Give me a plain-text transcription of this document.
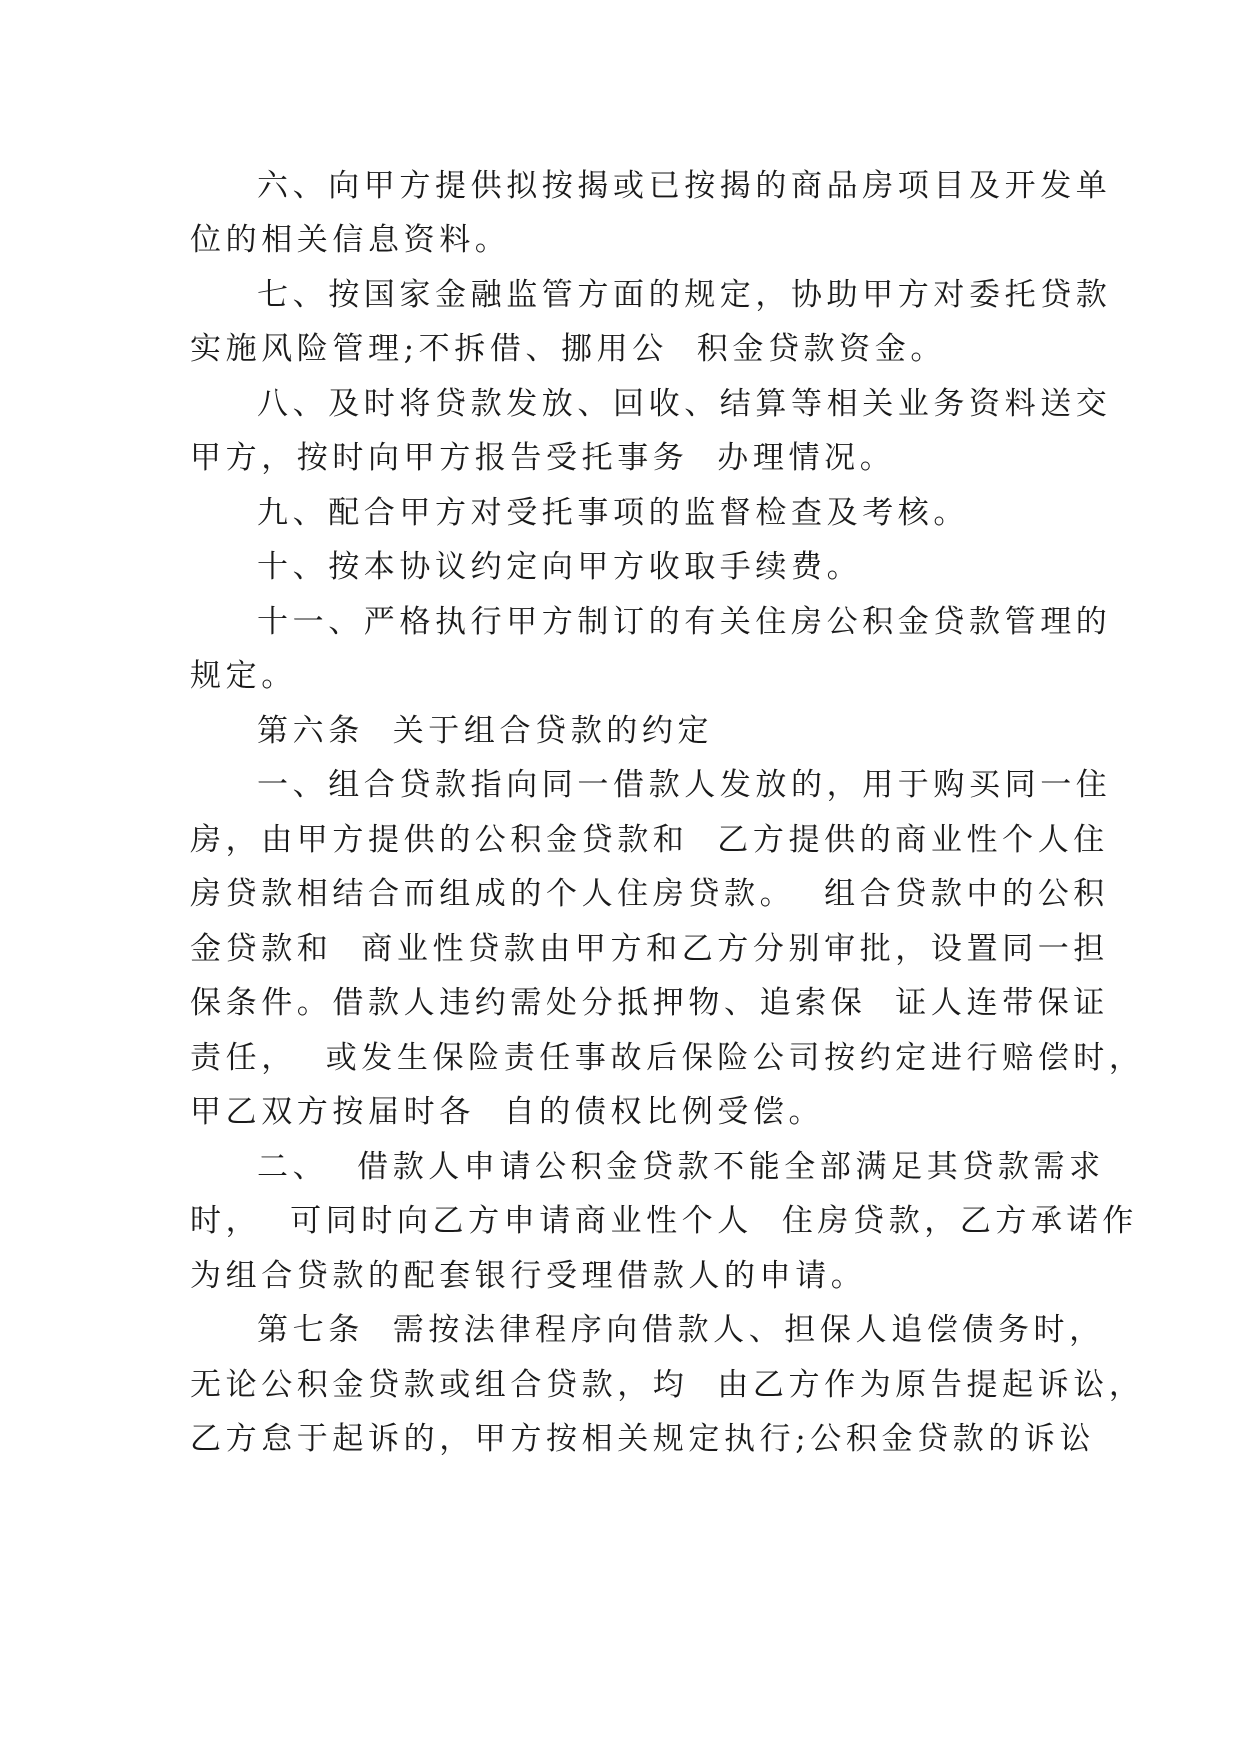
六、向甲方提供拟按揭或已按揭的商品房项目及开发单
位的相关信息资料。
七、按国家金融监管方面的规定，协助甲方对委托贷款
实施风险管理;不拆借、挪用公  积金贷款资金。
八、及时将贷款发放、回收、结算等相关业务资料送交
甲方，按时向甲方报告受托事务  办理情况。
九、配合甲方对受托事项的监督检查及考核。
十、按本协议约定向甲方收取手续费。
十一、严格执行甲方制订的有关住房公积金贷款管理的
规定。
第六条  关于组合贷款的约定
一、组合贷款指向同一借款人发放的，用于购买同一住
房，由甲方提供的公积金贷款和  乙方提供的商业性个人住
房贷款相结合而组成的个人住房贷款。  组合贷款中的公积
金贷款和  商业性贷款由甲方和乙方分别审批，设置同一担
保条件。借款人违约需处分抵押物、追索保  证人连带保证
责任，  或发生保险责任事故后保险公司按约定进行赔偿时，
甲乙双方按届时各  自的债权比例受偿。
二、  借款人申请公积金贷款不能全部满足其贷款需求
时，  可同时向乙方申请商业性个人  住房贷款，乙方承诺作
为组合贷款的配套银行受理借款人的申请。
第七条  需按法律程序向借款人、担保人追偿债务时，
无论公积金贷款或组合贷款，均  由乙方作为原告提起诉讼，
乙方怠于起诉的，甲方按相关规定执行;公积金贷款的诉讼
